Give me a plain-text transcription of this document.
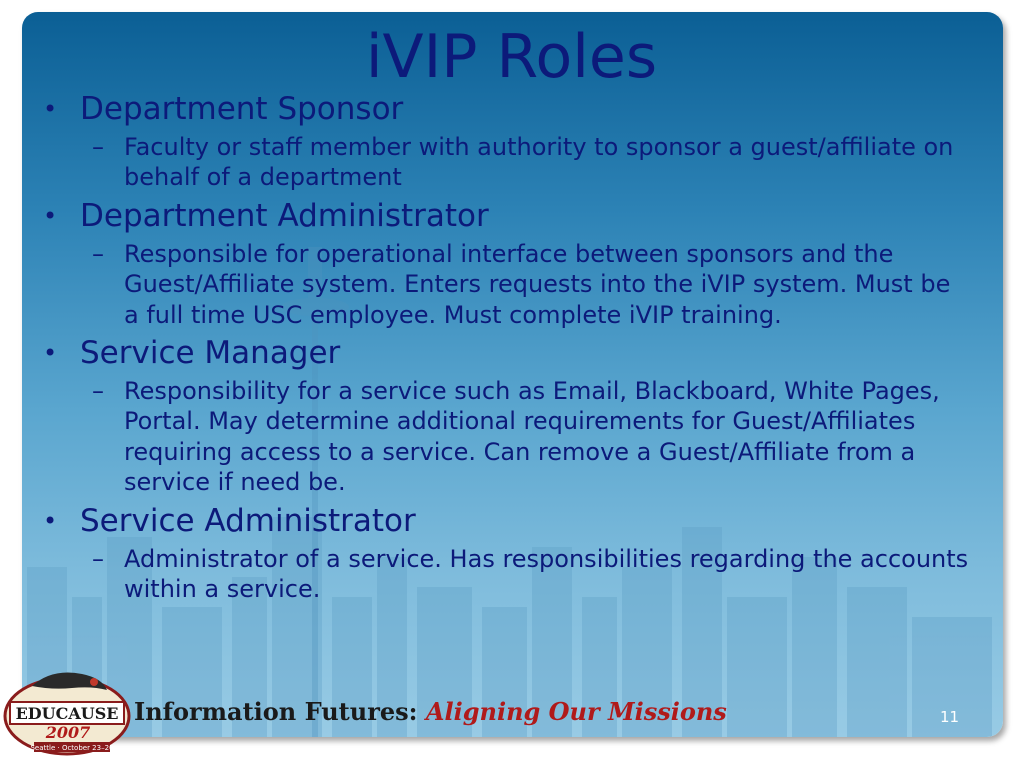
iVIP Roles
• Department Sponsor
– Faculty or staff member with authority to sponsor a guest/affiliate on
behalf of a department
• Department Administrator
– Responsible for operational interface between sponsors and the
Guest/Affiliate system. Enters requests into the iVIP system. Must be
a full time USC employee. Must complete iVIP training.
• Service Manager
– Responsibility for a service such as Email, Blackboard, White Pages,
Portal. May determine additional requirements for Guest/Affiliates
requiring access to a service. Can remove a Guest/Affiliate from a
service if need be.
• Service Administrator
– Administrator of a service. Has responsibilities regarding the accounts
within a service.
EDUCAUSE
2007
Seattle · October 23–26
Information Futures: Aligning Our Missions	11
